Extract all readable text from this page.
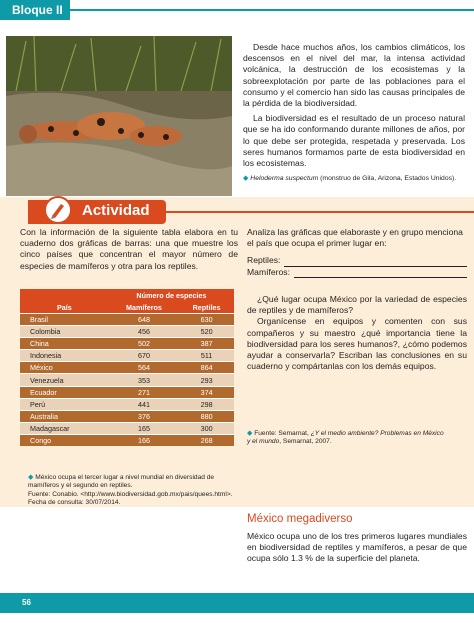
Bloque II

Desde hace muchos años, los cambios climáticos, los descensos en el nivel del mar, la intensa actividad volcánica, la destrucción de los ecosistemas y la sobreexplotación por parte de las poblaciones para el consumo y el comercio han sido las causas principales de la pérdida de la biodiversidad.

La biodiversidad es el resultado de un proceso natural que se ha ido conformando durante millones de años, por lo que debe ser protegida, respetada y preservada. Los seres humanos formamos parte de esta biodiversidad en los ecosistemas.

◆ Heloderma suspectum (monstruo de Gila, Arizona, Estados Unidos).
Actividad

Con la información de la siguiente tabla elabora en tu cuaderno dos gráficas de barras: una que muestre los cinco países que concentran el mayor número de especies de mamíferos y otra para los reptiles.

	Número de especies	
País	Mamíferos	Reptiles
Brasil	648	630
Colombia	456	520
China	502	387
Indonesia	670	511
México	564	864
Venezuela	353	293
Ecuador	271	374
Perú	441	298
Australia	376	880
Madagascar	165	300
Congo	166	268
◆ México ocupa el tercer lugar a nivel mundial en diversidad de mamíferos y el segundo en reptiles.
Fuente: Conabio. <http://www.biodiversidad.gob.mx/pais/quees.html>. Fecha de consulta: 30/07/2014.

Analiza las gráficas que elaboraste y en grupo menciona el país que ocupa el primer lugar en:

Reptiles:
Mamíferos:

¿Qué lugar ocupa México por la variedad de especies de reptiles y de mamíferos?

Organícense en equipos y comenten con sus compañeros y su maestro ¿qué importancia tiene la biodiversidad para los seres humanos?, ¿cómo podemos ayudar a conservarla? Escriban las conclusiones en su cuaderno y compártanlas con los demás equipos.

◆ Fuente: Semarnat, ¿Y el medio ambiente? Problemas en México y el mundo, Semarnat, 2007.
México megadiverso

México ocupa uno de los tres primeros lugares mundiales en biodiversidad de reptiles y mamíferos, a pesar de que ocupa sólo 1.3 % de la superficie del planeta.

56
